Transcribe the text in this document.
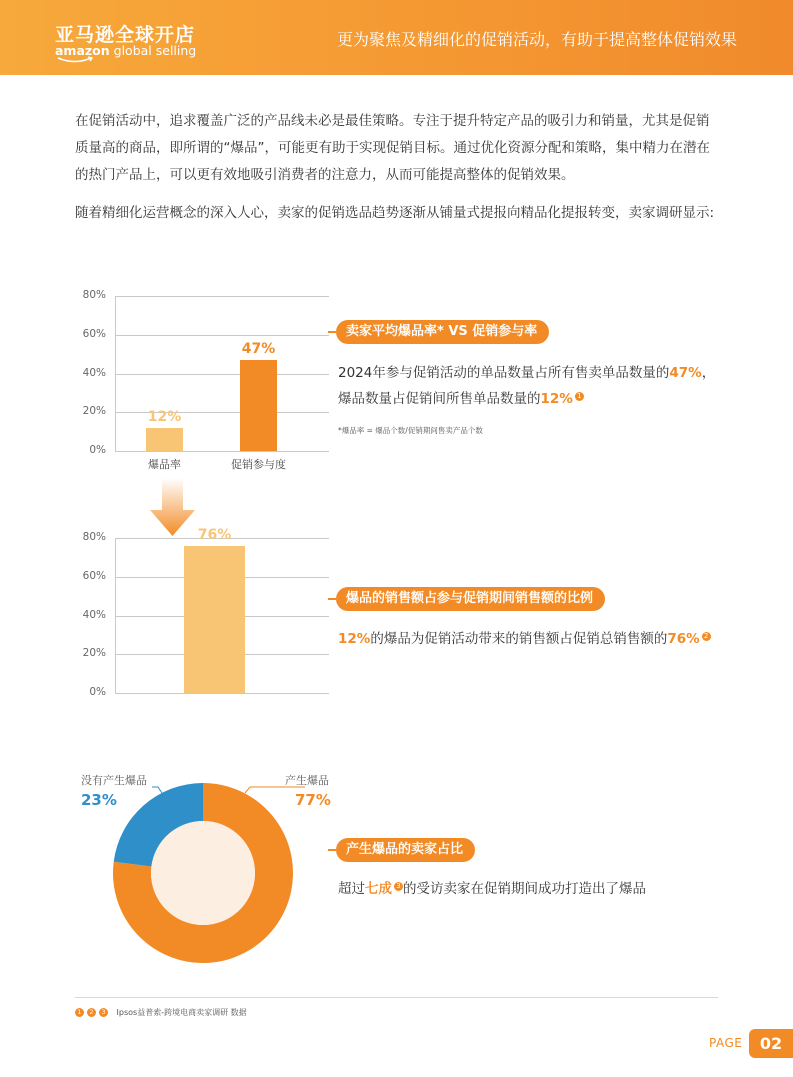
亚马逊全球开店
amazon global selling
更为聚焦及精细化的促销活动，有助于提高整体促销效果
在促销活动中，追求覆盖广泛的产品线未必是最佳策略。专注于提升特定产品的吸引力和销量，尤其是促销质量高的商品，即所谓的“爆品”，可能更有助于实现促销目标。通过优化资源分配和策略，集中精力在潜在的热门产品上，可以更有效地吸引消费者的注意力，从而可能提高整体的促销效果。
随着精细化运营概念的深入人心，卖家的促销选品趋势逐渐从铺量式提报向精品化提报转变，卖家调研显示:
0%
20%
40%
60%
80%
12%
爆品率
47%
促销参与度
卖家平均爆品率* VS 促销参与率
2024年参与促销活动的单品数量占所有售卖单品数量的47%，
爆品数量占促销间所售单品数量的12% 1
*爆品率 = 爆品个数/促销期间售卖产品个数
0%
20%
40%
60%
80%	76%
爆品的销售额占参与促销期间销售额的比例
12%的爆品为促销活动带来的销售额占促销总销售额的76% 2
没有产生爆品
23%
产生爆品
77%
产生爆品的卖家占比
超过七成 3 的受访卖家在促销期间成功打造出了爆品
1 2 3 Ipsos益普索-跨境电商卖家调研 数据
PAGE	02
